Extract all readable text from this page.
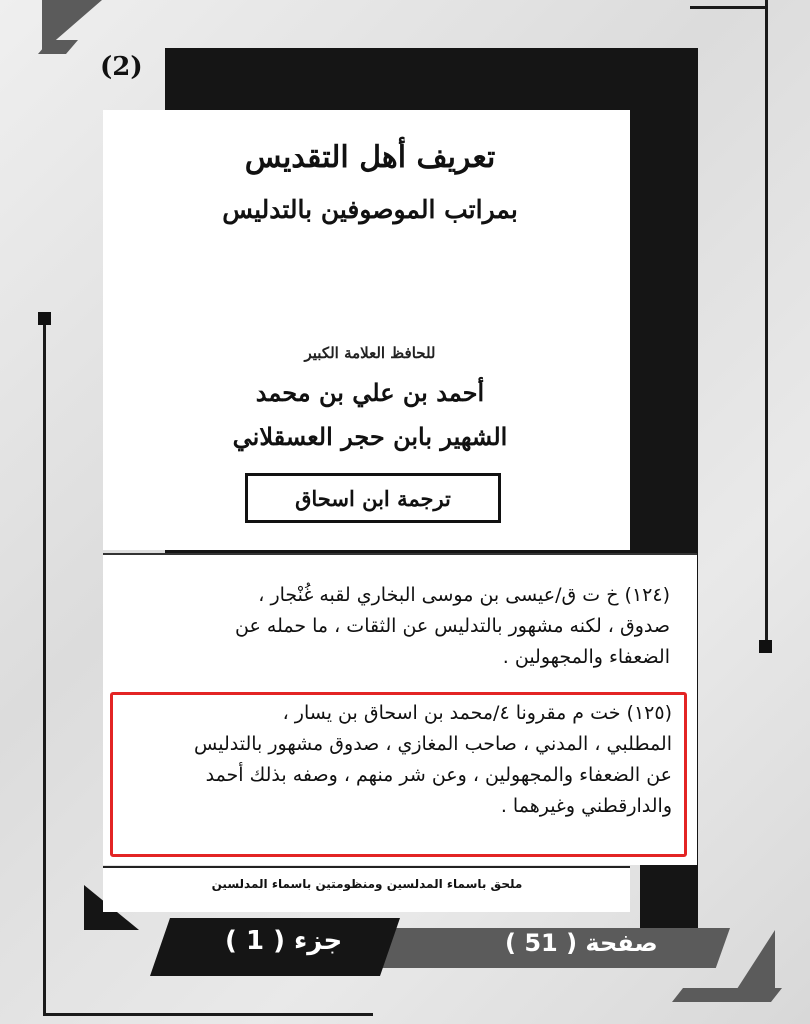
(2)
تعريف أهل التقديس
بمراتب الموصوفين بالتدليس
للحافظ العلامة الكبير
أحمد بن علي بن محمد
الشهير بابن حجر العسقلاني
ترجمة ابن اسحاق
(١٢٤) خ ت ق/عيسى بن موسى البخاري لقبه غُنْجار ،
صدوق ، لكنه مشهور بالتدليس عن الثقات ، ما حمله عن
الضعفاء والمجهولين .
(١٢٥) خت م مقرونا ٤/محمد بن اسحاق بن يسار ،
المطلبي ، المدني ، صاحب المغازي ، صدوق مشهور بالتدليس
عن الضعفاء والمجهولين ، وعن شر منهم ، وصفه بذلك أحمد
والدارقطني وغيرهما .
ملحق باسماء المدلسين ومنظومتين باسماء المدلسين
جزء ( 1 )	صفحة ( 51 )
